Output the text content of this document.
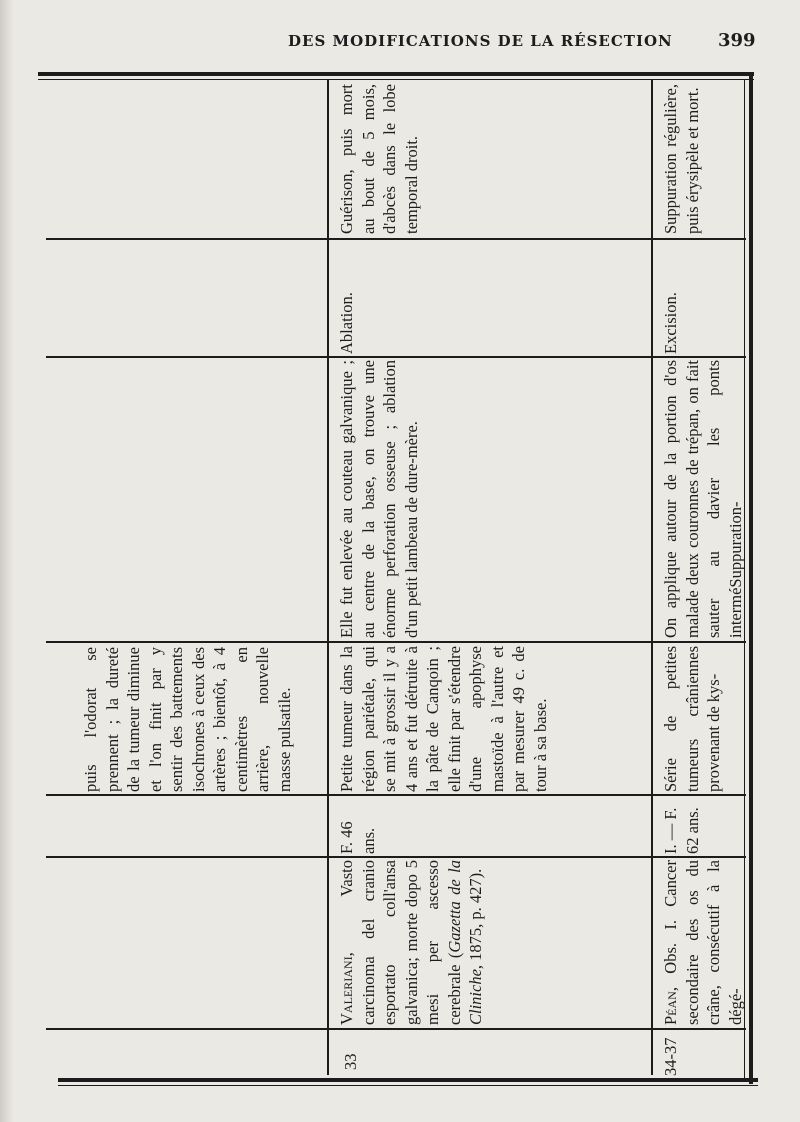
DES MODIFICATIONS DE LA RÉSECTION	399

puis l'odorat se prennent ; la dureté de la tumeur diminue et l'on finit par y sentir des battements isochrones à ceux des artères ; bientôt, à 4 centimètres en arrière, nouvelle masse pulsatile.

33

Valeriani, Vasto carcinoma del cranio esportato coll'ansa galvanica; morte dopo 5 mesi per ascesso cerebrale (Gazetta de la Cliniche, 1875, p. 427).

F. 46 ans.

Petite tumeur dans la région pariétale, qui se mit à grossir il y a 4 ans et fut détruite à la pâte de Canqoin ; elle finit par s'étendre d'une apophyse mastoïde à l'autre et par mesurer 49 c. de tour à sa base.

Elle fut enlevée au couteau galvanique ; au centre de la base, on trouve une énorme perforation osseuse ; ablation d'un petit lambeau de dure-mère.

Ablation.

Guérison, puis mort au bout de 5 mois, d'abcès dans le lobe temporal droit.

34-37

Péan, Obs. I. Cancer secondaire des os du crâne, consécutif à la dégé-

I. — F. 62 ans.

Série de petites tumeurs crâniennes provenant de kys-

On applique autour de la portion d'os malade deux couronnes de trépan, on fait sauter au davier les ponts interméSuppuration-

Excision.

Suppuration régulière, puis érysipèle et mort.
